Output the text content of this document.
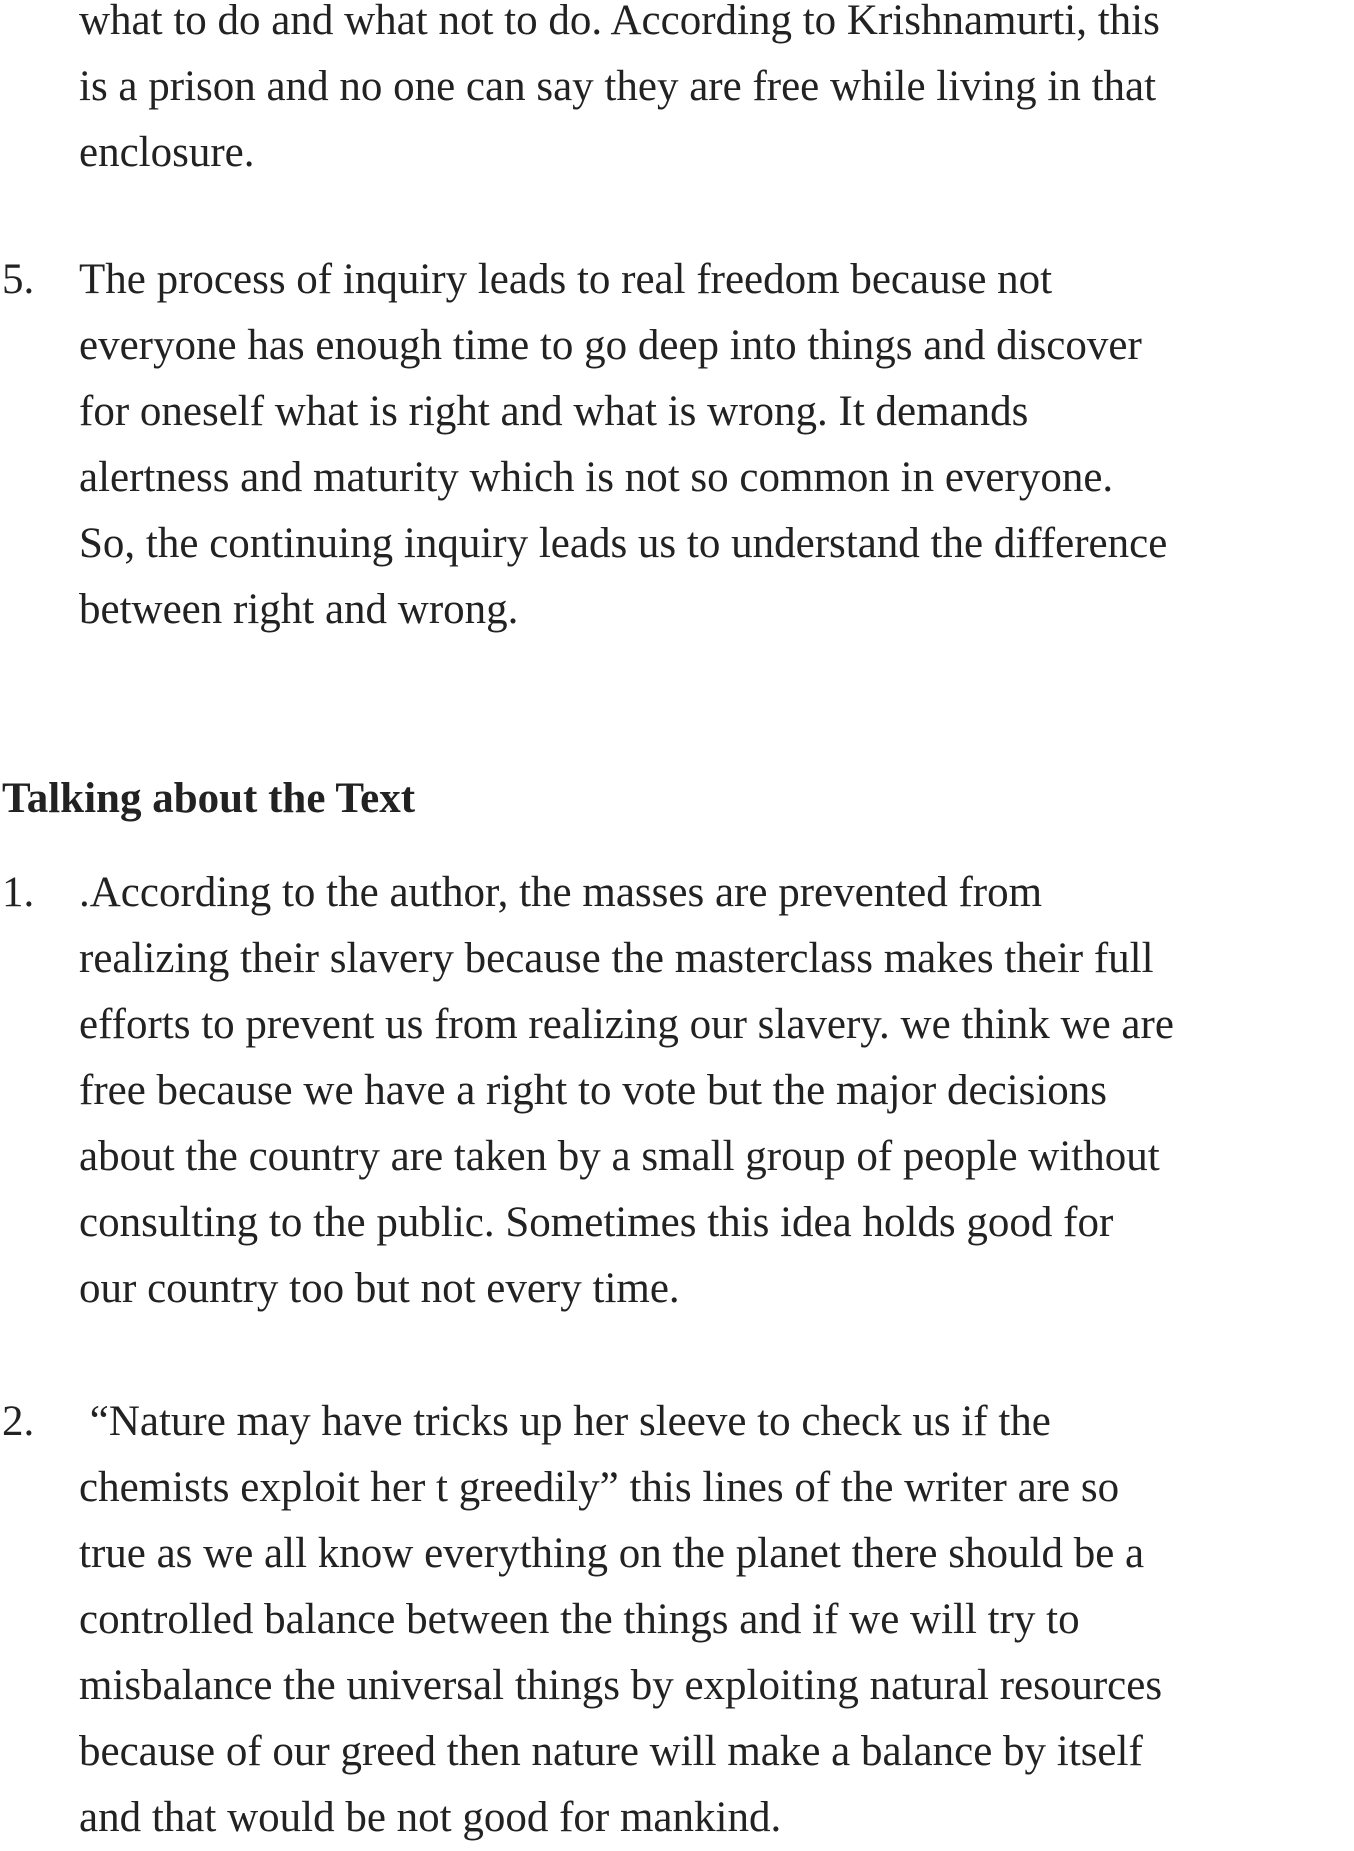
what to do and what not to do. According to Krishnamurti, this
is a prison and no one can say they are free while living in that
enclosure.
5.	The process of inquiry leads to real freedom because not
everyone has enough time to go deep into things and discover
for oneself what is right and what is wrong. It demands
alertness and maturity which is not so common in everyone.
So, the continuing inquiry leads us to understand the difference
between right and wrong.
Talking about the Text
1.	.According to the author, the masses are prevented from
realizing their slavery because the masterclass makes their full
efforts to prevent us from realizing our slavery. we think we are
free because we have a right to vote but the major decisions
about the country are taken by a small group of people without
consulting to the public. Sometimes this idea holds good for
our country too but not every time.
2.	“Nature may have tricks up her sleeve to check us if the
chemists exploit her t greedily” this lines of the writer are so
true as we all know everything on the planet there should be a
controlled balance between the things and if we will try to
misbalance the universal things by exploiting natural resources
because of our greed then nature will make a balance by itself
and that would be not good for mankind.
